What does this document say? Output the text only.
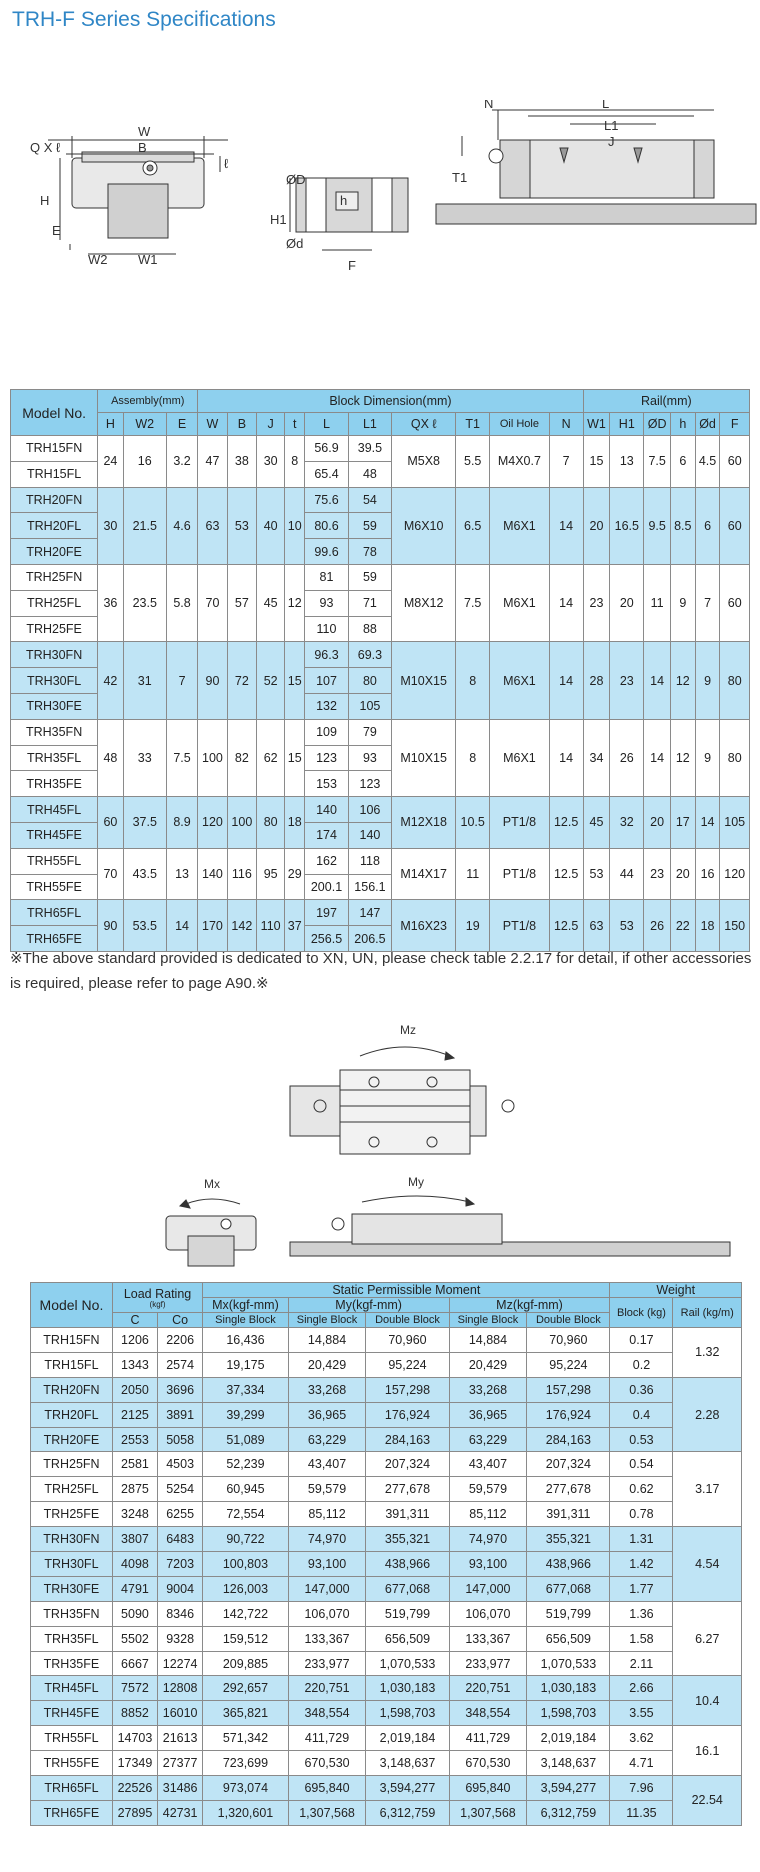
TRH-F Series Specifications
Q X ℓ
W
B
H
E
W2 W1
ℓ
ØD
H1
h
Ød
F
N	L
L1
J
T1
Model No.	Assembly(mm)			Block Dimension(mm)										Rail(mm)					
	H	W2	E	W	B	J	t	L	L1	QX ℓ	T1	Oil Hole	N	W1	H1	ØD	h	Ød	F
TRH15FN	24	16	3.2	47	38	30	8	56.9	39.5	M5X8	5.5	M4X0.7	7	15	13	7.5	6	4.5	60
TRH15FL								65.4	48										
TRH20FN	30	21.5	4.6	63	53	40	10	75.6	54	M6X10	6.5	M6X1	14	20	16.5	9.5	8.5	6	60
TRH20FL								80.6	59										
TRH20FE								99.6	78										
TRH25FN	36	23.5	5.8	70	57	45	12	81	59	M8X12	7.5	M6X1	14	23	20	11	9	7	60
TRH25FL								93	71										
TRH25FE								110	88										
TRH30FN	42	31	7	90	72	52	15	96.3	69.3	M10X15	8	M6X1	14	28	23	14	12	9	80
TRH30FL								107	80										
TRH30FE								132	105										
TRH35FN	48	33	7.5	100	82	62	15	109	79	M10X15	8	M6X1	14	34	26	14	12	9	80
TRH35FL								123	93										
TRH35FE								153	123										
TRH45FL	60	37.5	8.9	120	100	80	18	140	106	M12X18	10.5	PT1/8	12.5	45	32	20	17	14	105
TRH45FE								174	140										
TRH55FL	70	43.5	13	140	116	95	29	162	118	M14X17	11	PT1/8	12.5	53	44	23	20	16	120
TRH55FE								200.1	156.1										
TRH65FL	90	53.5	14	170	142	110	37	197	147	M16X23	19	PT1/8	12.5	63	53	26	22	18	150
TRH65FE								256.5	206.5										
※The above standard provided is dedicated to XN, UN, please check table 2.2.17 for detail, if other accessories is required, please refer to page A90.※
Mz
Mx	My
Model No.	Load Rating
(kgf)		Static Permissible Moment					Weight	
			Mx(kgf-mm)	My(kgf-mm)		Mz(kgf-mm)		Block (kg)	Rail (kg/m)
	C	Co	Single Block	Single Block	Double Block	Single Block	Double Block		
TRH15FN	1206	2206	16,436	14,884	70,960	14,884	70,960	0.17	1.32
TRH15FL	1343	2574	19,175	20,429	95,224	20,429	95,224	0.2	
TRH20FN	2050	3696	37,334	33,268	157,298	33,268	157,298	0.36	2.28
TRH20FL	2125	3891	39,299	36,965	176,924	36,965	176,924	0.4	
TRH20FE	2553	5058	51,089	63,229	284,163	63,229	284,163	0.53	
TRH25FN	2581	4503	52,239	43,407	207,324	43,407	207,324	0.54	3.17
TRH25FL	2875	5254	60,945	59,579	277,678	59,579	277,678	0.62	
TRH25FE	3248	6255	72,554	85,112	391,311	85,112	391,311	0.78	
TRH30FN	3807	6483	90,722	74,970	355,321	74,970	355,321	1.31	4.54
TRH30FL	4098	7203	100,803	93,100	438,966	93,100	438,966	1.42	
TRH30FE	4791	9004	126,003	147,000	677,068	147,000	677,068	1.77	
TRH35FN	5090	8346	142,722	106,070	519,799	106,070	519,799	1.36	6.27
TRH35FL	5502	9328	159,512	133,367	656,509	133,367	656,509	1.58	
TRH35FE	6667	12274	209,885	233,977	1,070,533	233,977	1,070,533	2.11	
TRH45FL	7572	12808	292,657	220,751	1,030,183	220,751	1,030,183	2.66	10.4
TRH45FE	8852	16010	365,821	348,554	1,598,703	348,554	1,598,703	3.55	
TRH55FL	14703	21613	571,342	411,729	2,019,184	411,729	2,019,184	3.62	16.1
TRH55FE	17349	27377	723,699	670,530	3,148,637	670,530	3,148,637	4.71	
TRH65FL	22526	31486	973,074	695,840	3,594,277	695,840	3,594,277	7.96	22.54
TRH65FE	27895	42731	1,320,601	1,307,568	6,312,759	1,307,568	6,312,759	11.35	
